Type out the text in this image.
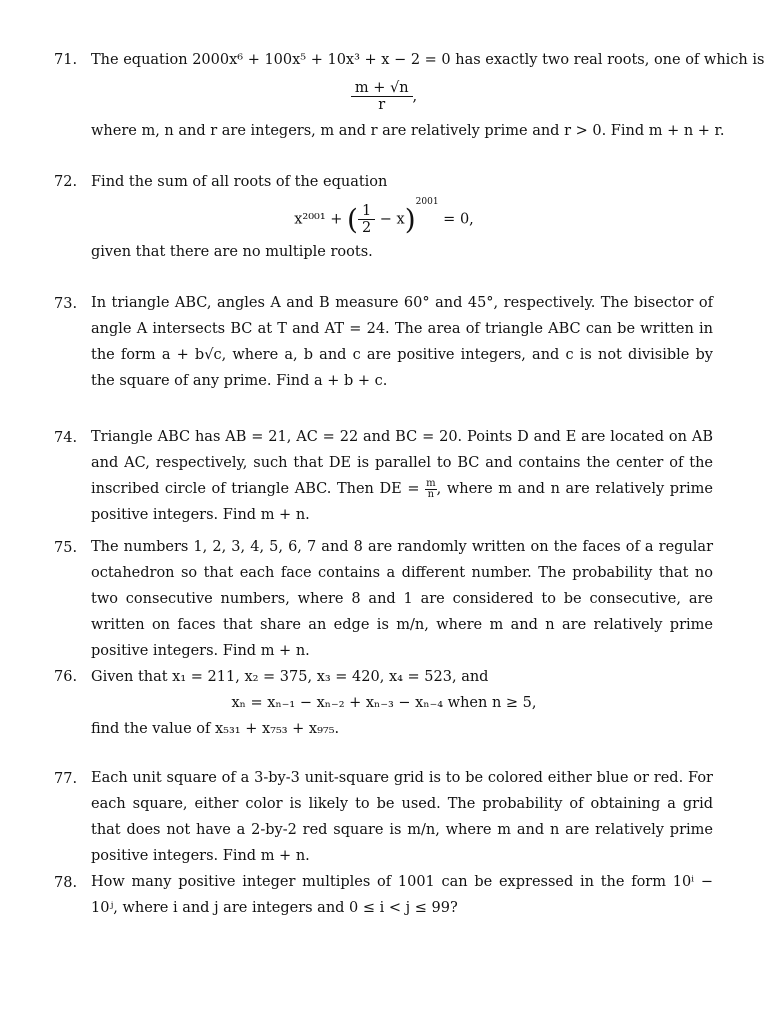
71. The equation 2000x⁶ + 100x⁵ + 10x³ + x − 2 = 0 has exactly two real roots, one of which is
$\frac{m + √n}{r}$ ,
where m, n and r are integers, m and r are relatively prime and r > 0. Find m + n + r.
72. Find the sum of all roots of the equation
x²⁰⁰¹ + ( $\frac{1}{2} - x)^{2001} = 0$,
given that there are no multiple roots.
73. In triangle ABC, angles A and B measure 60° and 45°, respectively. The bisector of angle A intersects BC at T and AT = 24. The area of triangle ABC can be written in the form a + b√c, where a, b and c are positive integers, and c is not divisible by the square of any prime. Find a + b + c.
74. Triangle ABC has AB = 21, AC = 22 and BC = 20. Points D and E are located on AB and AC, respectively, such that DE is parallel to BC and contains the center of the inscribed circle of triangle ABC. Then DE = $\frac{m}{n}$, where m and n are relatively prime positive integers. Find m + n.
75. The numbers 1, 2, 3, 4, 5, 6, 7 and 8 are randomly written on the faces of a regular octahedron so that each face contains a different number. The probability that no two consecutive numbers, where 8 and 1 are considered to be consecutive, are written on faces that share an edge is m/n, where m and n are relatively prime positive integers. Find m + n.
76. Given that x₁ = 211, x₂ = 375, x₃ = 420, x₄ = 523, and
xₙ = xₙ₋₁ − xₙ₋₂ + xₙ₋₃ − xₙ₋₄ when n ≥ 5,
find the value of x₅₃₁ + x₇₅₃ + x₉₇₅.
77. Each unit square of a 3-by-3 unit-square grid is to be colored either blue or red. For each square, either color is likely to be used. The probability of obtaining a grid that does not have a 2-by-2 red square is m/n, where m and n are relatively prime positive integers. Find m + n.
78. How many positive integer multiples of 1001 can be expressed in the form 10ⁱ − 10ʲ, where i and j are integers and 0 ≤ i < j ≤ 99?
